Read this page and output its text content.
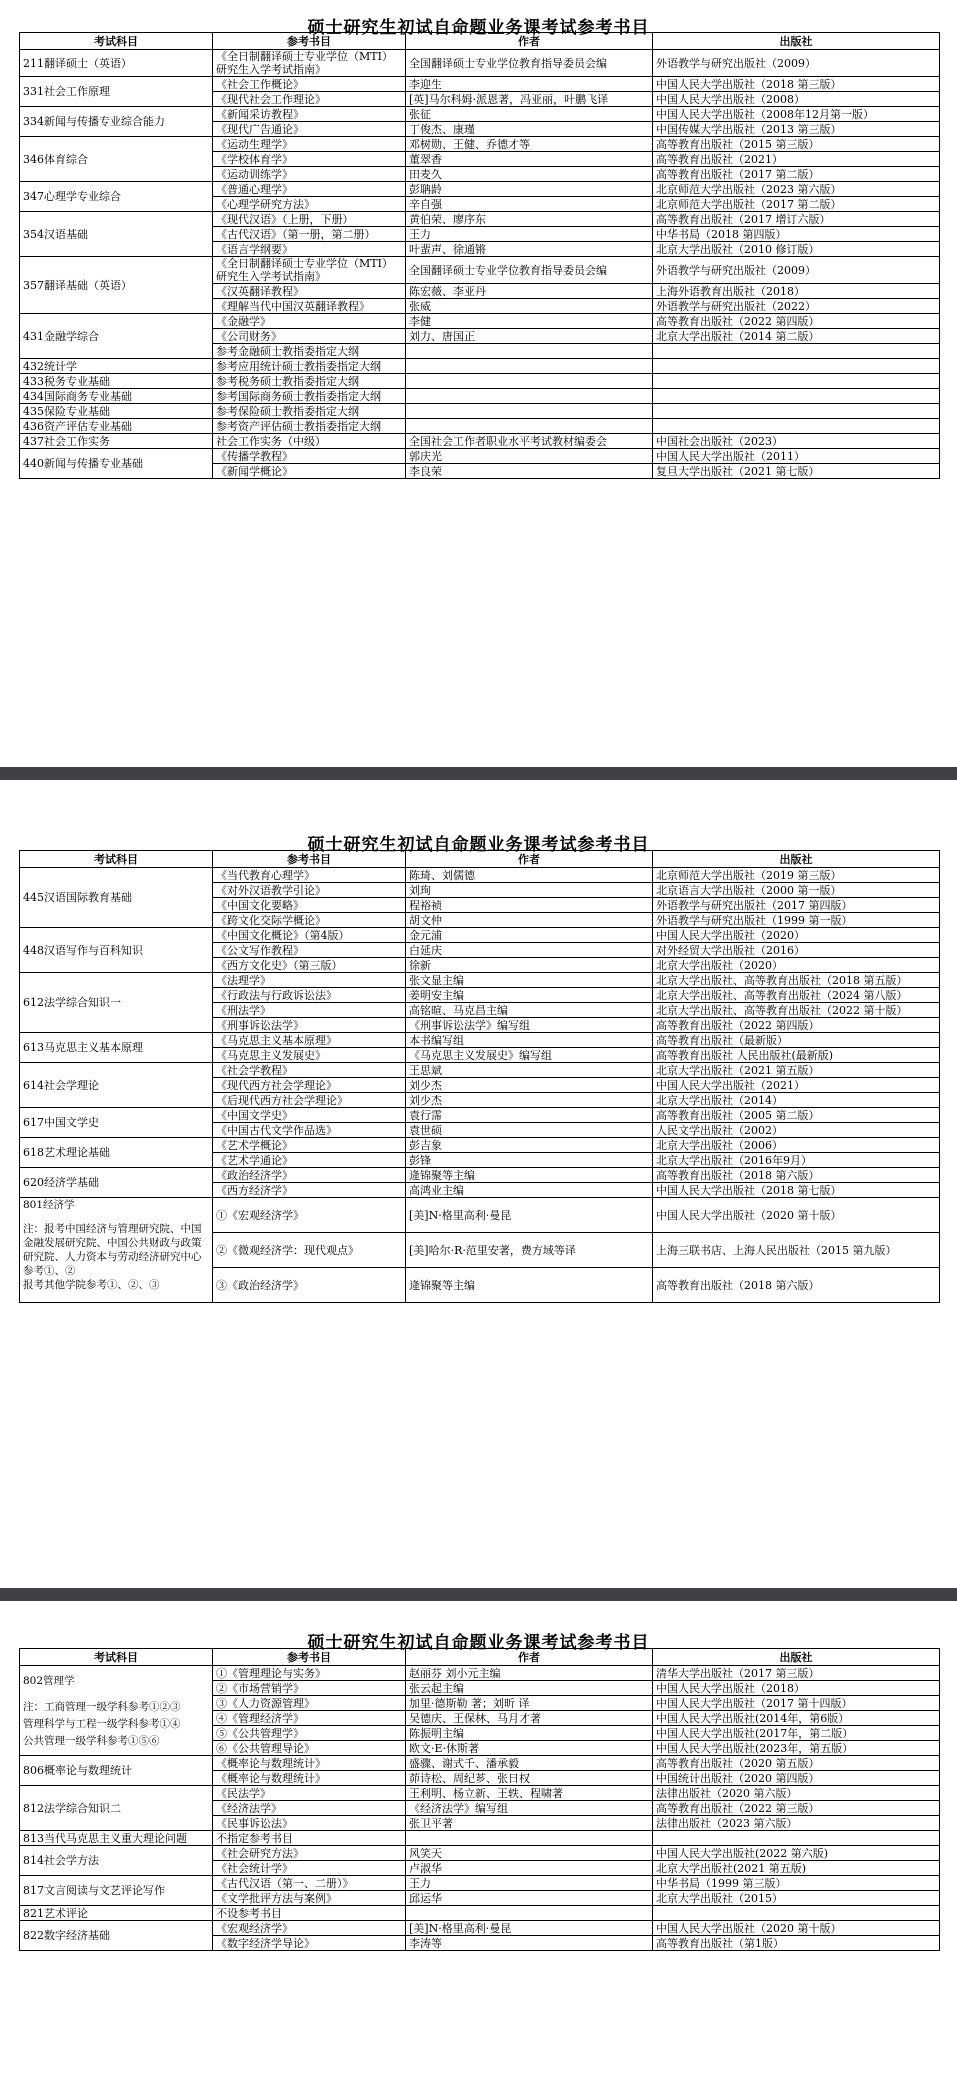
硕士研究生初试自命题业务课考试参考书目
考试科目	参考书目	作者	出版社
211翻译硕士（英语）	《全日制翻译硕士专业学位（MTI）研究生入学考试指南》	全国翻译硕士专业学位教育指导委员会编	外语教学与研究出版社（2009）
331社会工作原理	《社会工作概论》	李迎生	中国人民大学出版社（2018 第三版）
	《现代社会工作理论》	[英]马尔科姆·派恩著，冯亚丽，叶鹏飞译	中国人民大学出版社（2008）
334新闻与传播专业综合能力	《新闻采访教程》	张征	中国人民大学出版社（2008年12月第一版）
	《现代广告通论》	丁俊杰、康瑾	中国传媒大学出版社（2013 第三版）
346体育综合	《运动生理学》	邓树勋、王健、乔德才等	高等教育出版社（2015 第三版）
	《学校体育学》	董翠香	高等教育出版社（2021）
	《运动训练学》	田麦久	高等教育出版社（2017 第二版）
347心理学专业综合	《普通心理学》	彭聃龄	北京师范大学出版社（2023 第六版）
	《心理学研究方法》	辛自强	北京师范大学出版社（2017 第二版）
354汉语基础	《现代汉语》（上册，下册）	黄伯荣、廖序东	高等教育出版社（2017 增订六版）
	《古代汉语》（第一册，第二册）	王力	中华书局（2018 第四版）
	《语言学纲要》	叶蜚声、徐通锵	北京大学出版社（2010 修订版）
357翻译基础（英语）	《全日制翻译硕士专业学位（MTI）研究生入学考试指南》	全国翻译硕士专业学位教育指导委员会编	外语教学与研究出版社（2009）
	《汉英翻译教程》	陈宏薇、李亚丹	上海外语教育出版社（2018）
	《理解当代中国汉英翻译教程》	张威	外语教学与研究出版社（2022）
431金融学综合	《金融学》	李健	高等教育出版社（2022 第四版）
	《公司财务》	刘力、唐国正	北京大学出版社（2014 第二版）
	参考金融硕士教指委指定大纲		
432统计学	参考应用统计硕士教指委指定大纲		
433税务专业基础	参考税务硕士教指委指定大纲		
434国际商务专业基础	参考国际商务硕士教指委指定大纲		
435保险专业基础	参考保险硕士教指委指定大纲		
436资产评估专业基础	参考资产评估硕士教指委指定大纲		
437社会工作实务	社会工作实务（中级）	全国社会工作者职业水平考试教材编委会	中国社会出版社（2023）
440新闻与传播专业基础	《传播学教程》	郭庆光	中国人民大学出版社（2011）
	《新闻学概论》	李良荣	复旦大学出版社（2021 第七版）
硕士研究生初试自命题业务课考试参考书目
考试科目	参考书目	作者	出版社
445汉语国际教育基础	《当代教育心理学》	陈琦、刘儒德	北京师范大学出版社（2019 第三版）
	《对外汉语教学引论》	刘珣	北京语言大学出版社（2000 第一版）
	《中国文化要略》	程裕祯	外语教学与研究出版社（2017 第四版）
	《跨文化交际学概论》	胡文仲	外语教学与研究出版社（1999 第一版）
448汉语写作与百科知识	《中国文化概论》（第4版）	金元浦	中国人民大学出版社（2020）
	《公文写作教程》	白延庆	对外经贸大学出版社（2016）
	《西方文化史》（第三版）	徐新	北京大学出版社（2020）
612法学综合知识一	《法理学》	张文显主编	北京大学出版社、高等教育出版社（2018 第五版）
	《行政法与行政诉讼法》	姜明安主编	北京大学出版社、高等教育出版社（2024 第八版）
	《刑法学》	高铭暄、马克昌主编	北京大学出版社、高等教育出版社（2022 第十版）
	《刑事诉讼法学》	《刑事诉讼法学》编写组	高等教育出版社（2022 第四版）
613马克思主义基本原理	《马克思主义基本原理》	本书编写组	高等教育出版社（最新版）
	《马克思主义发展史》	《马克思主义发展史》编写组	高等教育出版社 人民出版社(最新版)
614社会学理论	《社会学教程》	王思斌	北京大学出版社（2021 第五版）
	《现代西方社会学理论》	刘少杰	中国人民大学出版社（2021）
	《后现代西方社会学理论》	刘少杰	北京大学出版社（2014）
617中国文学史	《中国文学史》	袁行霈	高等教育出版社（2005 第二版）
	《中国古代文学作品选》	袁世硕	人民文学出版社（2002）
618艺术理论基础	《艺术学概论》	彭吉象	北京大学出版社（2006）
	《艺术学通论》	彭锋	北京大学出版社（2016年9月）
620经济学基础	《政治经济学》	逄锦聚等主编	高等教育出版社（2018 第六版）
	《西方经济学》	高鸿业主编	中国人民大学出版社（2018 第七版）

801经济学
注：报考中国经济与管理研究院、中国金融发展研究院、中国公共财政与政策研究院、人力资本与劳动经济研究中心参考①、②
报考其他学院参考①、②、③	①《宏观经济学》	[美]N·格里高利·曼昆	中国人民大学出版社（2020 第十版）
	②《微观经济学：现代观点》	[美]哈尔·R·范里安著，费方域等译	上海三联书店、上海人民出版社（2015 第九版）
	③《政治经济学》	逄锦聚等主编	高等教育出版社（2018 第六版）
硕士研究生初试自命题业务课考试参考书目
考试科目	参考书目	作者	出版社

802管理学
注：工商管理一级学科参考①②③
管理科学与工程一级学科参考①④
公共管理一级学科参考①⑤⑥	①《管理理论与实务》	赵丽芬 刘小元主编	清华大学出版社（2017 第三版）
	②《市场营销学》	张云起主编	中国人民大学出版社（2018）
	③《人力资源管理》	加里·德斯勒 著；刘昕 译	中国人民大学出版社（2017 第十四版）
	④《管理经济学》	吴德庆、王保林、马月才著	中国人民大学出版社(2014年，第6版）
	⑤《公共管理学》	陈振明主编	中国人民大学出版社(2017年，第二版）
	⑥《公共管理导论》	欧文·E·休斯著	中国人民大学出版社(2023年，第五版）
806概率论与数理统计	《概率论与数理统计》	盛骤、谢式千、潘承毅	高等教育出版社（2020 第五版）
	《概率论与数理统计》	茆诗松、周纪芗、张日权	中国统计出版社（2020 第四版）
812法学综合知识二	《民法学》	王利明、杨立新、王轶、程啸著	法律出版社（2020 第六版）
	《经济法学》	《经济法学》编写组	高等教育出版社（2022 第三版）
	《民事诉讼法》	张卫平著	法律出版社（2023 第六版）
813当代马克思主义重大理论问题	不指定参考书目		
814社会学方法	《社会研究方法》	风笑天	中国人民大学出版社(2022 第六版)
	《社会统计学》	卢淑华	北京大学出版社(2021 第五版)
817文言阅读与文艺评论写作	《古代汉语（第一、二册）》	王力	中华书局（1999 第三版）
	《文学批评方法与案例》	邱运华	北京大学出版社（2015）
821艺术评论	不设参考书目		
822数字经济基础	《宏观经济学》	[美]N·格里高利·曼昆	中国人民大学出版社（2020 第十版）
	《数字经济学导论》	李涛等	高等教育出版社（第1版）
